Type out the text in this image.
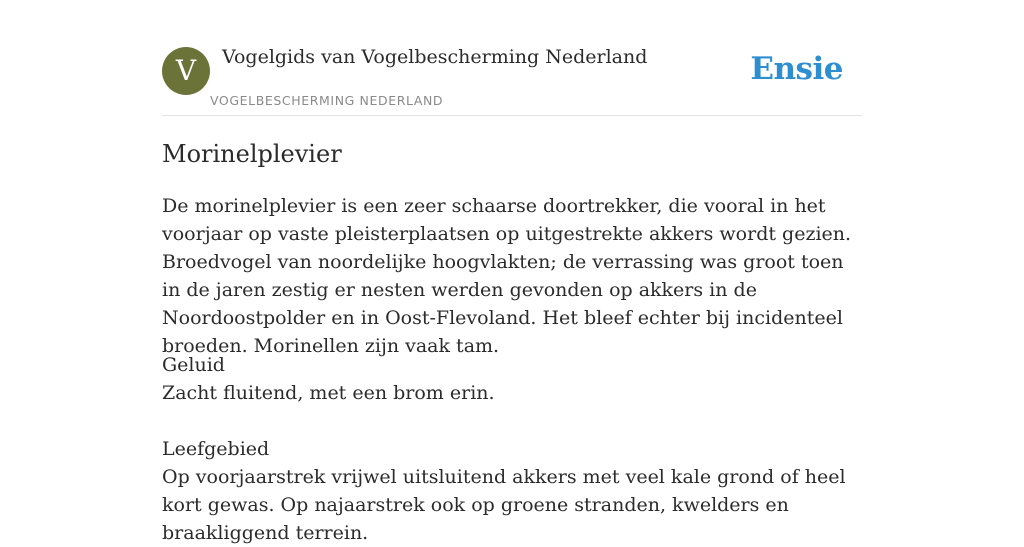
V	Vogelgids van Vogelbescherming Nederland
VOGELBESCHERMING NEDERLAND
Ensie
Morinelplevier

De morinelplevier is een zeer schaarse doortrekker, die vooral in het voorjaar op vaste pleisterplaatsen op uitgestrekte akkers wordt gezien. Broedvogel van noordelijke hoogvlakten; de verrassing was groot toen in de jaren zestig er nesten werden gevonden op akkers in de Noordoostpolder en in Oost-Flevoland. Het bleef echter bij incidenteel broeden. Morinellen zijn vaak tam.

Geluid
Zacht fluitend, met een brom erin.
Leefgebied
Op voorjaarstrek vrijwel uitsluitend akkers met veel kale grond of heel kort gewas. Op najaarstrek ook op groene stranden, kwelders en braakliggend terrein.
